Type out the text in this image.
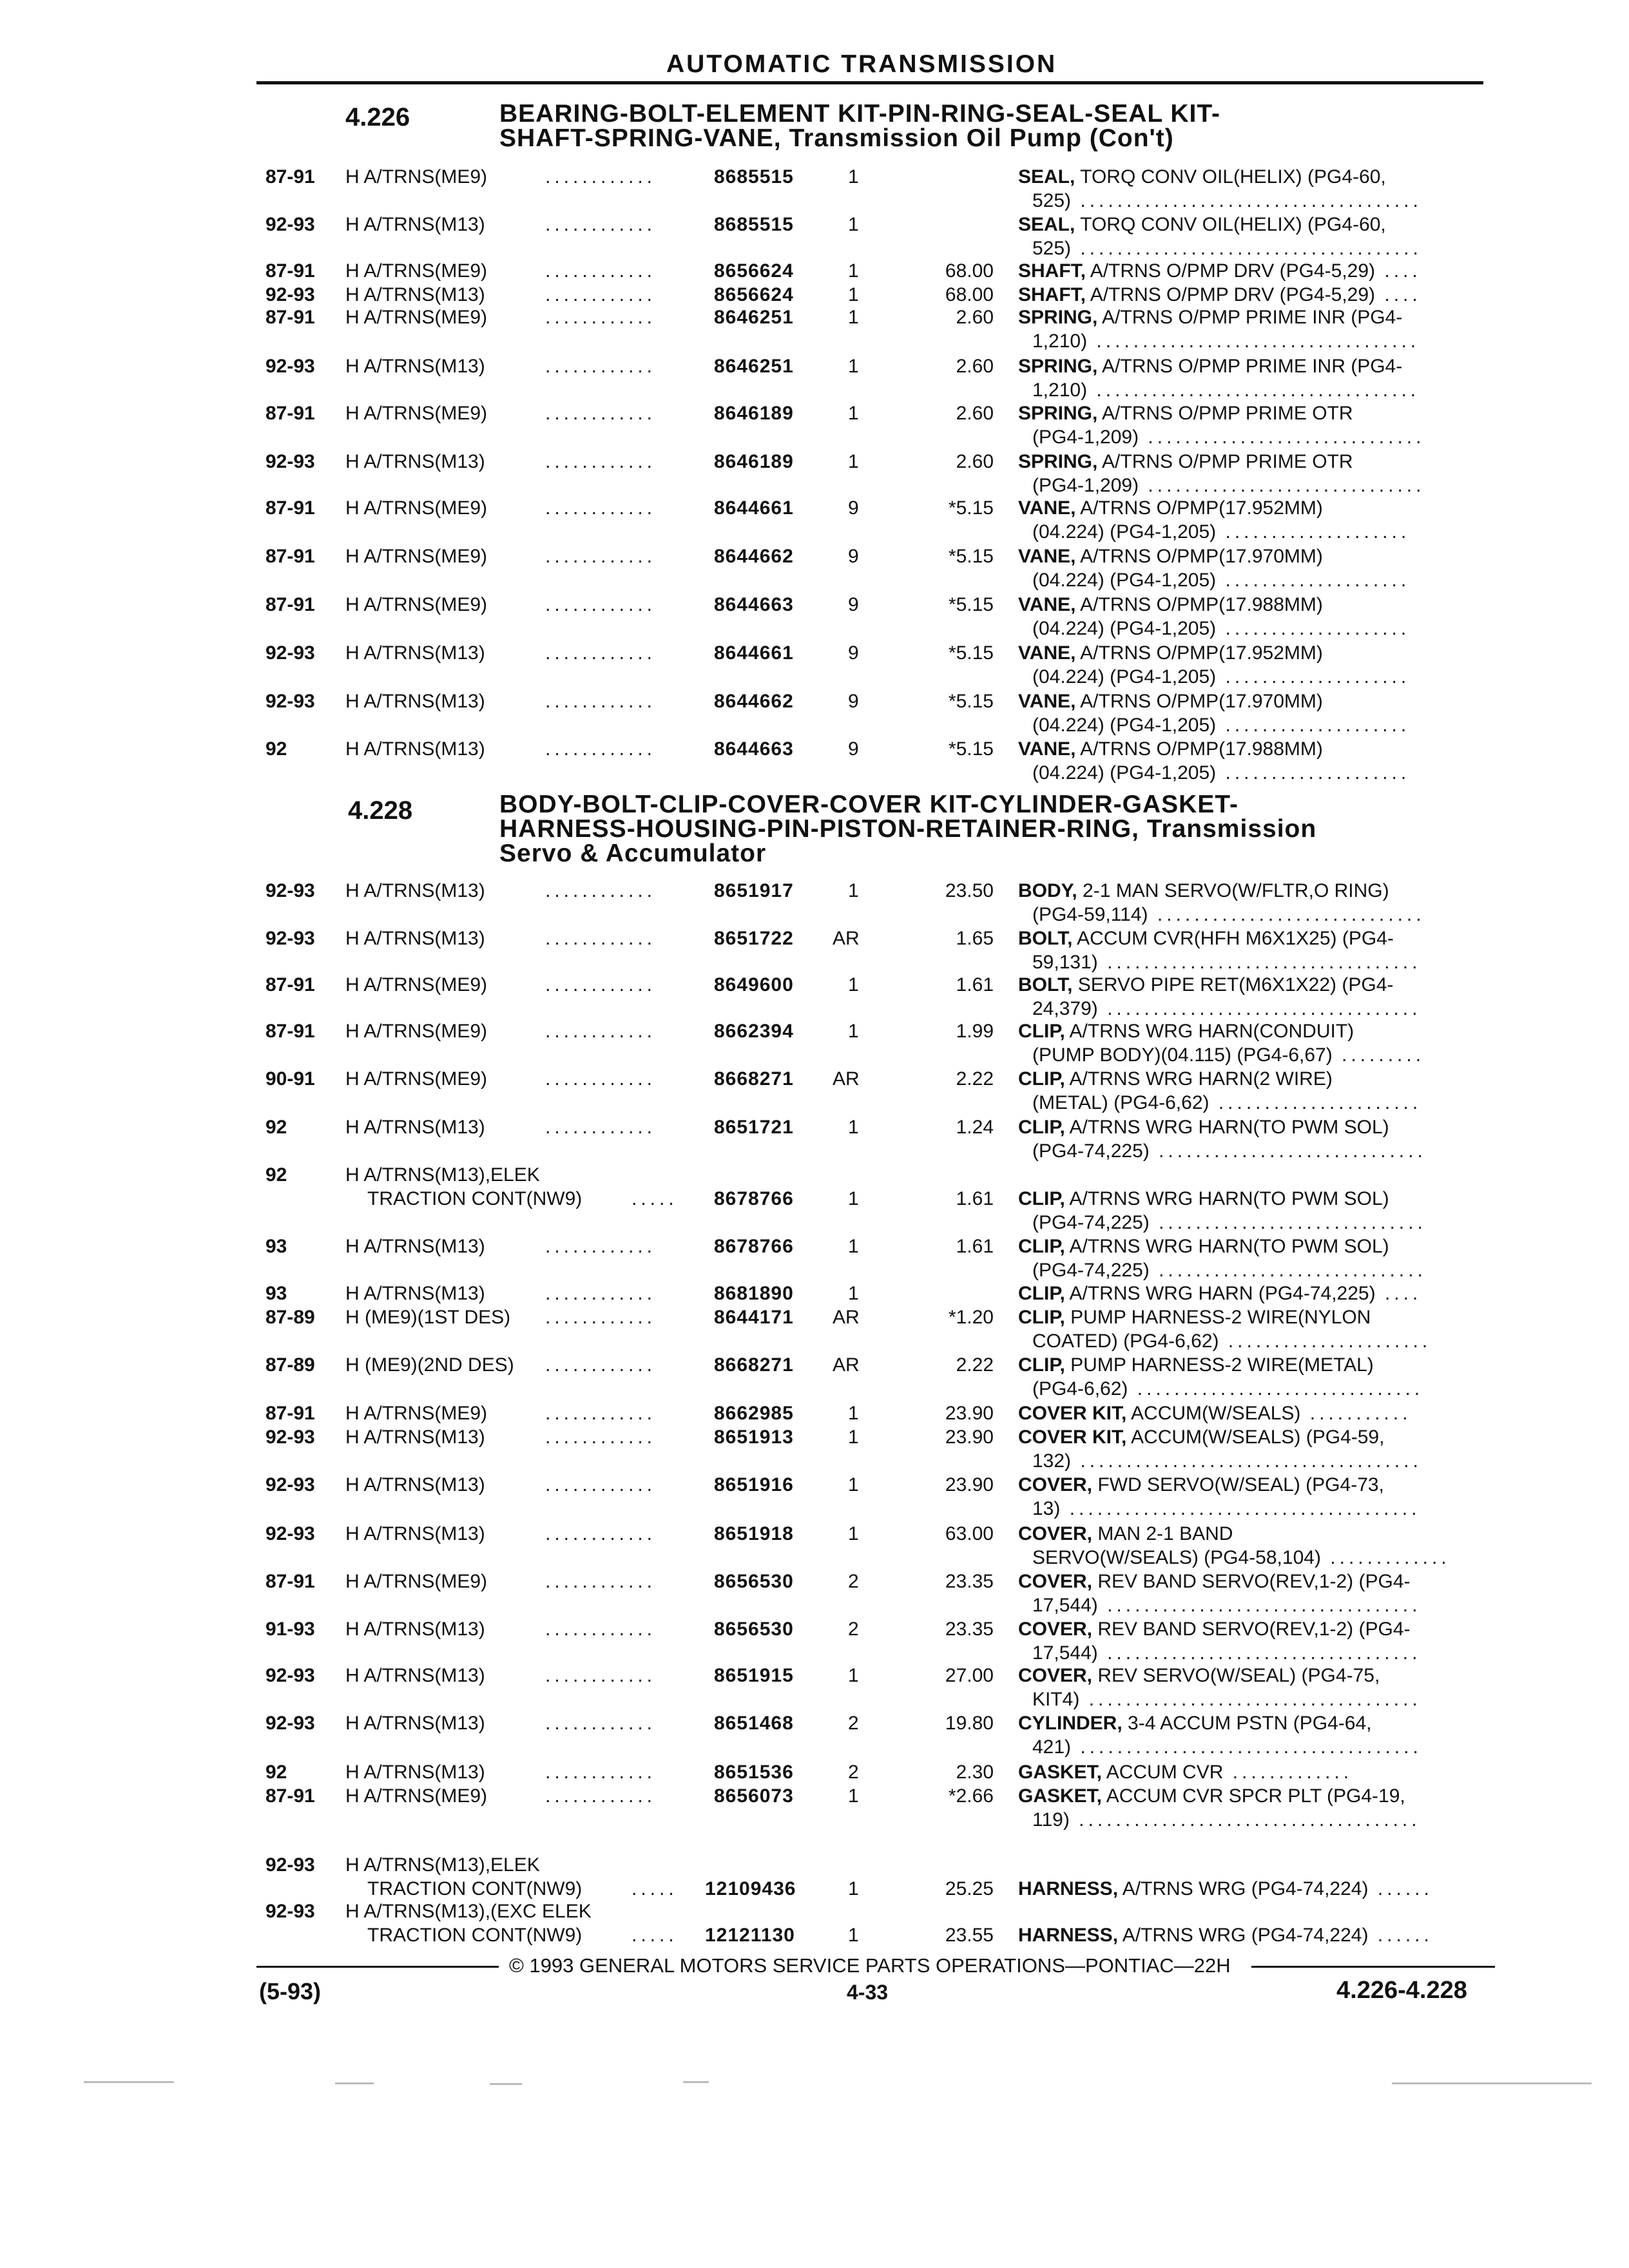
AUTOMATIC TRANSMISSION
4.226	BEARING-BOLT-ELEMENT KIT-PIN-RING-SEAL-SEAL KIT-
SHAFT-SPRING-VANE, Transmission Oil Pump (Con't)
87-91 H A/TRNS(ME9)	............	8685515	1	SEAL, TORQ CONV OIL(HELIX) (PG4-60,
525) .....................................
92-93 H A/TRNS(M13)	............	8685515	1	SEAL, TORQ CONV OIL(HELIX) (PG4-60,
525) .....................................
87-91 H A/TRNS(ME9)	............	8656624	1	68.00 SHAFT, A/TRNS O/PMP DRV (PG4-5,29) ....
92-93 H A/TRNS(M13)	............	8656624	1	68.00 SHAFT, A/TRNS O/PMP DRV (PG4-5,29) ....
87-91 H A/TRNS(ME9)	............	8646251	1	2.60 SPRING, A/TRNS O/PMP PRIME INR (PG4-
1,210) ...................................
92-93 H A/TRNS(M13)	............	8646251	1	2.60 SPRING, A/TRNS O/PMP PRIME INR (PG4-
1,210) ...................................
87-91 H A/TRNS(ME9)	............	8646189	1	2.60 SPRING, A/TRNS O/PMP PRIME OTR
(PG4-1,209) ..............................
92-93 H A/TRNS(M13)	............	8646189	1	2.60 SPRING, A/TRNS O/PMP PRIME OTR
(PG4-1,209) ..............................
87-91 H A/TRNS(ME9)	............	8644661	9	*5.15 VANE, A/TRNS O/PMP(17.952MM)
(04.224) (PG4-1,205) ....................
87-91 H A/TRNS(ME9)	............	8644662	9	*5.15 VANE, A/TRNS O/PMP(17.970MM)
(04.224) (PG4-1,205) ....................
87-91 H A/TRNS(ME9)	............	8644663	9	*5.15 VANE, A/TRNS O/PMP(17.988MM)
(04.224) (PG4-1,205) ....................
92-93 H A/TRNS(M13)	............	8644661	9	*5.15 VANE, A/TRNS O/PMP(17.952MM)
(04.224) (PG4-1,205) ....................
92-93 H A/TRNS(M13)	............	8644662	9	*5.15 VANE, A/TRNS O/PMP(17.970MM)
(04.224) (PG4-1,205) ....................
92	H A/TRNS(M13)	............	8644663	9	*5.15 VANE, A/TRNS O/PMP(17.988MM)
(04.224) (PG4-1,205) ....................
4.228	BODY-BOLT-CLIP-COVER-COVER KIT-CYLINDER-GASKET-
HARNESS-HOUSING-PIN-PISTON-RETAINER-RING, Transmission
Servo & Accumulator
92-93 H A/TRNS(M13)	............	8651917	1	23.50 BODY, 2-1 MAN SERVO(W/FLTR,O RING)
(PG4-59,114) .............................
92-93 H A/TRNS(M13)	............	8651722 AR	1.65 BOLT, ACCUM CVR(HFH M6X1X25) (PG4-
59,131) ..................................
87-91 H A/TRNS(ME9)	............	8649600	1	1.61 BOLT, SERVO PIPE RET(M6X1X22) (PG4-
24,379) ..................................
87-91 H A/TRNS(ME9)	............	8662394	1	1.99 CLIP, A/TRNS WRG HARN(CONDUIT)
(PUMP BODY)(04.115) (PG4-6,67) .........
90-91 H A/TRNS(ME9)	............	8668271 AR	2.22 CLIP, A/TRNS WRG HARN(2 WIRE)
(METAL) (PG4-6,62) ......................
92	H A/TRNS(M13)	............	8651721	1	1.24 CLIP, A/TRNS WRG HARN(TO PWM SOL)
(PG4-74,225) .............................
92	H A/TRNS(M13),ELEK
TRACTION CONT(NW9)	..... 8678766	1	1.61 CLIP, A/TRNS WRG HARN(TO PWM SOL)
(PG4-74,225) .............................
93	H A/TRNS(M13)	............	8678766	1	1.61 CLIP, A/TRNS WRG HARN(TO PWM SOL)
(PG4-74,225) .............................
93	H A/TRNS(M13)	............	8681890	1	CLIP, A/TRNS WRG HARN (PG4-74,225) ....
87-89 H (ME9)(1ST DES) ............	8644171 AR	*1.20 CLIP, PUMP HARNESS-2 WIRE(NYLON
COATED) (PG4-6,62) ......................
87-89 H (ME9)(2ND DES) ............	8668271 AR	2.22 CLIP, PUMP HARNESS-2 WIRE(METAL)
(PG4-6,62) ...............................
87-91 H A/TRNS(ME9)	............	8662985	1	23.90 COVER KIT, ACCUM(W/SEALS) ...........
92-93 H A/TRNS(M13)	............	8651913	1	23.90 COVER KIT, ACCUM(W/SEALS) (PG4-59,
132) .....................................
92-93 H A/TRNS(M13)	............	8651916	1	23.90 COVER, FWD SERVO(W/SEAL) (PG4-73,
13) ......................................
92-93 H A/TRNS(M13)	............	8651918	1	63.00 COVER, MAN 2-1 BAND
SERVO(W/SEALS) (PG4-58,104) .............
87-91 H A/TRNS(ME9)	............	8656530	2	23.35 COVER, REV BAND SERVO(REV,1-2) (PG4-
17,544) ..................................
91-93 H A/TRNS(M13)	............	8656530	2	23.35 COVER, REV BAND SERVO(REV,1-2) (PG4-
17,544) ..................................
92-93 H A/TRNS(M13)	............	8651915	1	27.00 COVER, REV SERVO(W/SEAL) (PG4-75,
KIT4) ....................................
92-93 H A/TRNS(M13)	............	8651468	2	19.80 CYLINDER, 3-4 ACCUM PSTN (PG4-64,
421) .....................................
92	H A/TRNS(M13)	............	8651536	2	2.30 GASKET, ACCUM CVR .............
87-91 H A/TRNS(ME9)	............	8656073	1	*2.66 GASKET, ACCUM CVR SPCR PLT (PG4-19,
119) .....................................
92-93 H A/TRNS(M13),ELEK
TRACTION CONT(NW9)	..... 12109436	1	25.25 HARNESS, A/TRNS WRG (PG4-74,224) ......
92-93 H A/TRNS(M13),(EXC ELEK
TRACTION CONT(NW9)	..... 12121130	1	23.55 HARNESS, A/TRNS WRG (PG4-74,224) ......
© 1993 GENERAL MOTORS SERVICE PARTS OPERATIONS—PONTIAC—22H
(5-93)	4-33	4.226-4.228
